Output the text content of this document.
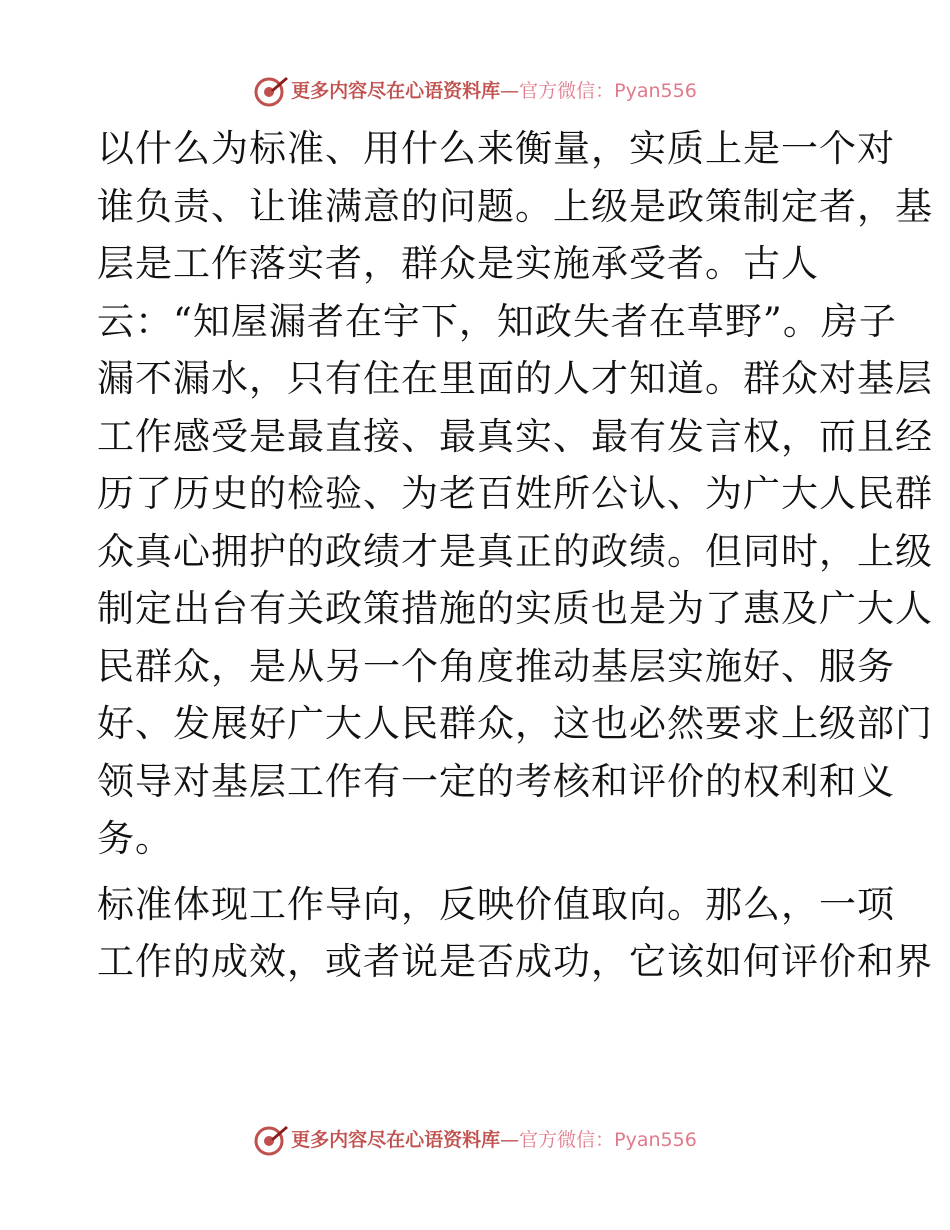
更多内容尽在心语资料库 — 官方微信：Pyan556
以什么为标准、用什么来衡量，实质上是一个对
谁负责、让谁满意的问题。上级是政策制定者，基
层是工作落实者，群众是实施承受者。古人
云：“知屋漏者在宇下，知政失者在草野”。房子
漏不漏水，只有住在里面的人才知道。群众对基层
工作感受是最直接、最真实、最有发言权，而且经
历了历史的检验、为老百姓所公认、为广大人民群
众真心拥护的政绩才是真正的政绩。但同时，上级
制定出台有关政策措施的实质也是为了惠及广大人
民群众，是从另一个角度推动基层实施好、服务
好、发展好广大人民群众，这也必然要求上级部门
领导对基层工作有一定的考核和评价的权利和义
务。
标准体现工作导向，反映价值取向。那么，一项
工作的成效，或者说是否成功，它该如何评价和界
更多内容尽在心语资料库 — 官方微信：Pyan556
